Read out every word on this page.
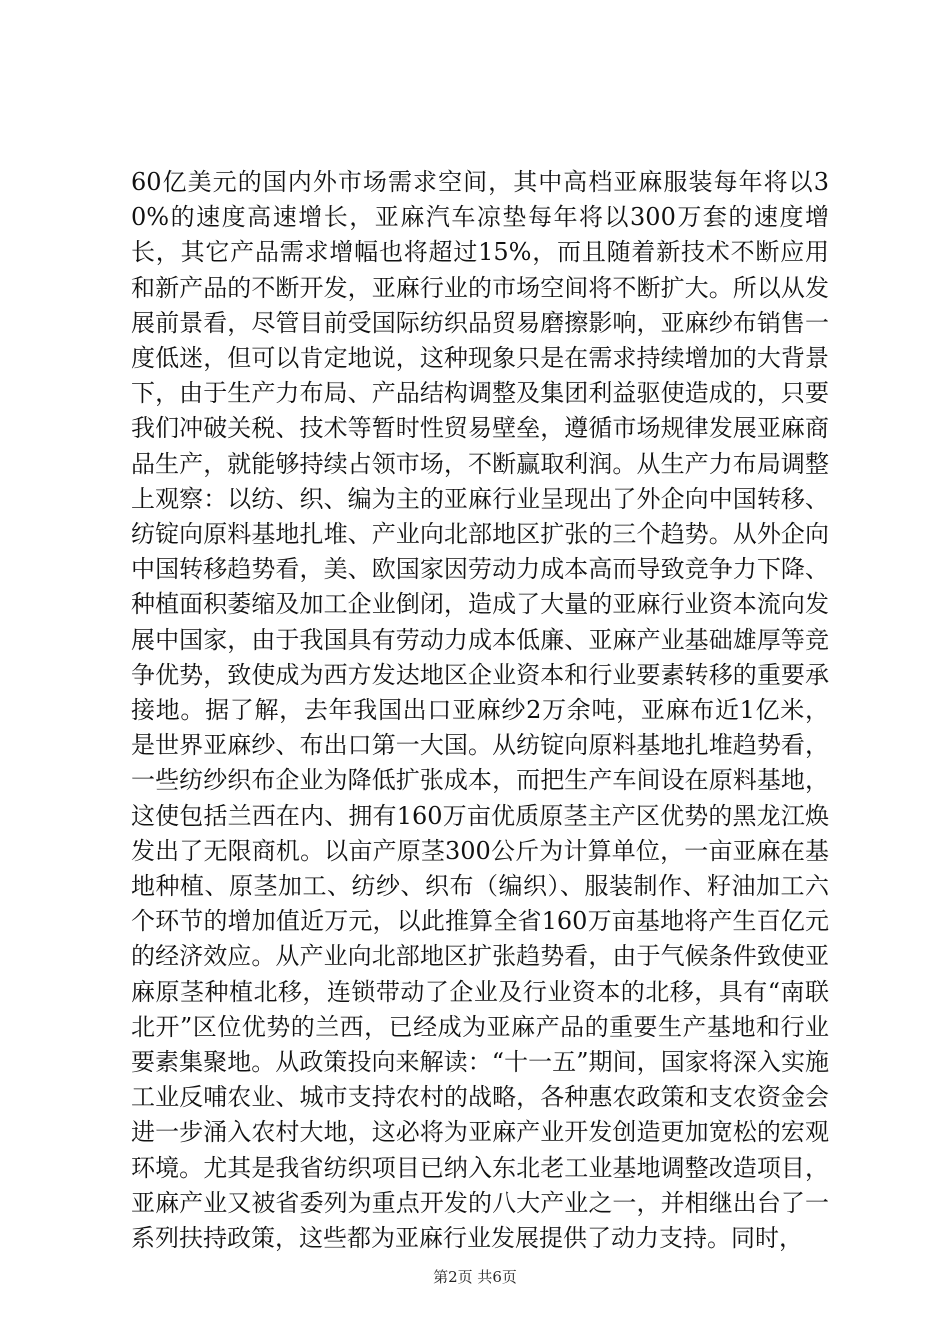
60亿美元的国内外市场需求空间，其中高档亚麻服装每年将以30%的速度高速增长，亚麻汽车凉垫每年将以300万套的速度增长，其它产品需求增幅也将超过15%，而且随着新技术不断应用和新产品的不断开发，亚麻行业的市场空间将不断扩大。所以从发展前景看，尽管目前受国际纺织品贸易磨擦影响，亚麻纱布销售一度低迷，但可以肯定地说，这种现象只是在需求持续增加的大背景下，由于生产力布局、产品结构调整及集团利益驱使造成的，只要我们冲破关税、技术等暂时性贸易壁垒，遵循市场规律发展亚麻商品生产，就能够持续占领市场，不断赢取利润。从生产力布局调整上观察：以纺、织、编为主的亚麻行业呈现出了外企向中国转移、纺锭向原料基地扎堆、产业向北部地区扩张的三个趋势。从外企向中国转移趋势看，美、欧国家因劳动力成本高而导致竞争力下降、种植面积萎缩及加工企业倒闭，造成了大量的亚麻行业资本流向发展中国家，由于我国具有劳动力成本低廉、亚麻产业基础雄厚等竞争优势，致使成为西方发达地区企业资本和行业要素转移的重要承接地。据了解，去年我国出口亚麻纱2万余吨，亚麻布近1亿米，是世界亚麻纱、布出口第一大国。从纺锭向原料基地扎堆趋势看，一些纺纱织布企业为降低扩张成本，而把生产车间设在原料基地，这使包括兰西在内、拥有160万亩优质原茎主产区优势的黑龙江焕发出了无限商机。以亩产原茎300公斤为计算单位，一亩亚麻在基地种植、原茎加工、纺纱、织布（编织）、服装制作、籽油加工六个环节的增加值近万元，以此推算全省160万亩基地将产生百亿元的经济效应。从产业向北部地区扩张趋势看，由于气候条件致使亚麻原茎种植北移，连锁带动了企业及行业资本的北移，具有“南联北开”区位优势的兰西，已经成为亚麻产品的重要生产基地和行业要素集聚地。从政策投向来解读：“十一五”期间，国家将深入实施工业反哺农业、城市支持农村的战略，各种惠农政策和支农资金会进一步涌入农村大地，这必将为亚麻产业开发创造更加宽松的宏观环境。尤其是我省纺织项目已纳入东北老工业基地调整改造项目，亚麻产业又被省委列为重点开发的八大产业之一，并相继出台了一系列扶持政策，这些都为亚麻行业发展提供了动力支持。同时，

第2页 共6页
